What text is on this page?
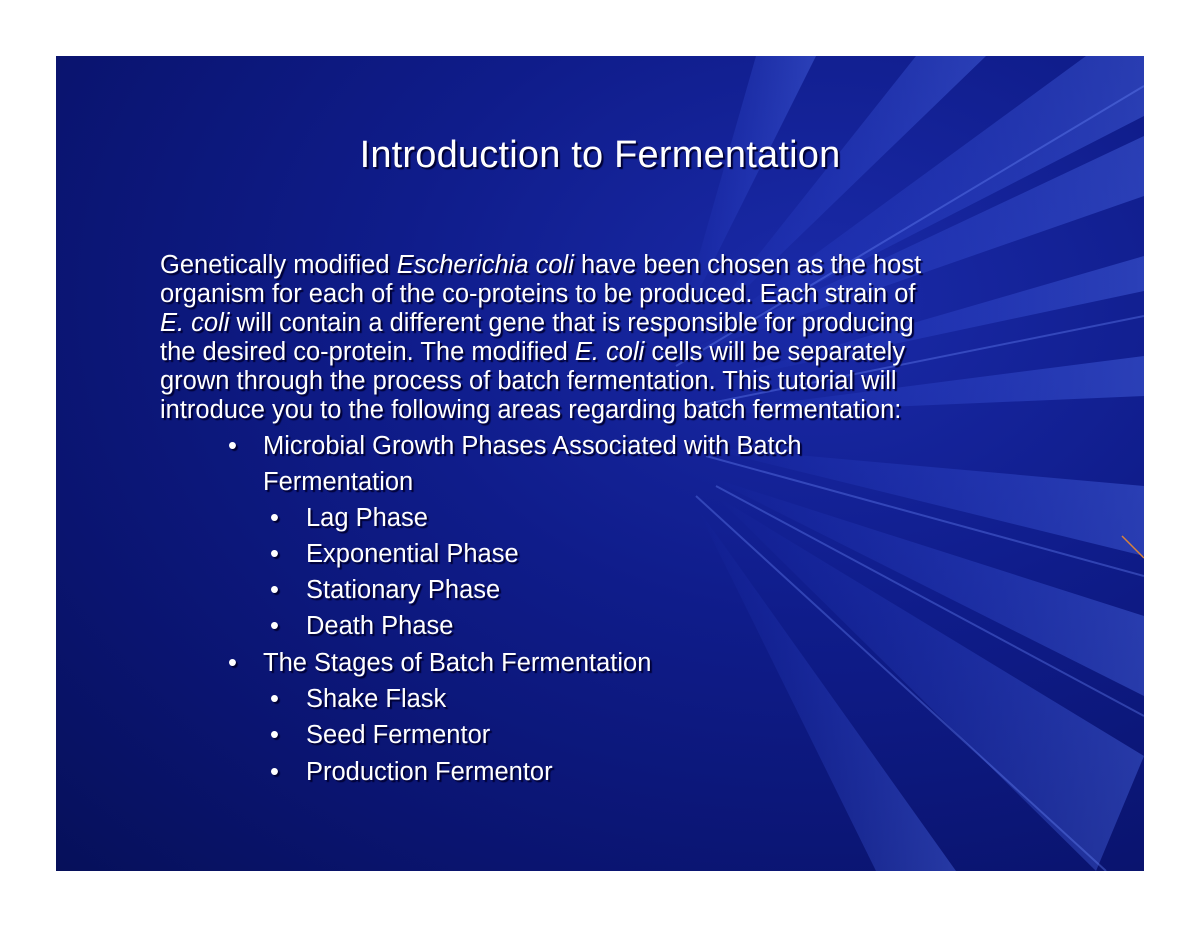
Introduction to Fermentation
Genetically modified Escherichia coli have been chosen as the host
organism for each of the co-proteins to be produced. Each strain of
E. coli will contain a different gene that is responsible for producing
the desired co-protein. The modified E. coli cells will be separately
grown through the process of batch fermentation. This tutorial will
introduce you to the following areas regarding batch fermentation:
• Microbial Growth Phases Associated with Batch
Fermentation
• Lag Phase
• Exponential Phase
• Stationary Phase
• Death Phase
• The Stages of Batch Fermentation
• Shake Flask
• Seed Fermentor
• Production Fermentor
